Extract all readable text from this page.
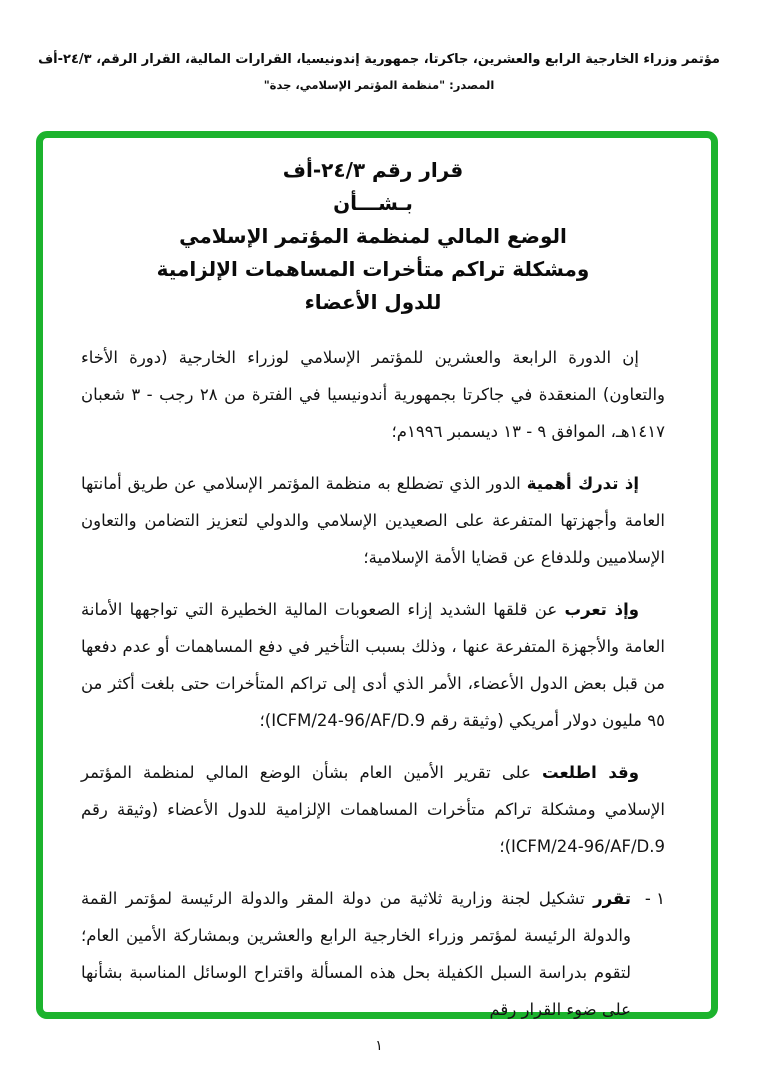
مؤتمر وزراء الخارجية الرابع والعشرين، جاكرتا، جمهورية إندونيسيا، القرارات المالية، القرار الرقم، ٢٤/٣-أف
المصدر: "منظمة المؤتمر الإسلامي، جدة"
قرار رقم ٢٤/٣-أف
بـشـــأن
الوضع المالي لمنظمة المؤتمر الإسلامي
ومشكلة تراكم متأخرات المساهمات الإلزامية
للدول الأعضاء

إن الدورة الرابعة والعشرين للمؤتمر الإسلامي لوزراء الخارجية (دورة الأخاء والتعاون) المنعقدة في جاكرتا بجمهورية أندونيسيا في الفترة من ٢٨ رجب - ٣ شعبان ١٤١٧هـ، الموافق ٩ - ١٣ ديسمبر ١٩٩٦م؛

إذ تدرك أهمية الدور الذي تضطلع به منظمة المؤتمر الإسلامي عن طريق أمانتها العامة وأجهزتها المتفرعة على الصعيدين الإسلامي والدولي لتعزيز التضامن والتعاون الإسلاميين وللدفاع عن قضايا الأمة الإسلامية؛

وإذ تعرب عن قلقها الشديد إزاء الصعوبات المالية الخطيرة التي تواجهها الأمانة العامة والأجهزة المتفرعة عنها ، وذلك بسبب التأخير في دفع المساهمات أو عدم دفعها من قبل بعض الدول الأعضاء، الأمر الذي أدى إلى تراكم المتأخرات حتى بلغت أكثر من ٩٥ مليون دولار أمريكي (وثيقة رقم ICFM/24-96/AF/D.9)؛

وقد اطلعت على تقرير الأمين العام بشأن الوضع المالي لمنظمة المؤتمر الإسلامي ومشكلة تراكم متأخرات المساهمات الإلزامية للدول الأعضاء (وثيقة رقم ICFM/24-96/AF/D.9)؛

١ -تقرر تشكيل لجنة وزارية ثلاثية من دولة المقر والدولة الرئيسة لمؤتمر القمة والدولة الرئيسة لمؤتمر وزراء الخارجية الرابع والعشرين وبمشاركة الأمين العام؛ لتقوم بدراسة السبل الكفيلة بحل هذه المسألة واقتراح الوسائل المناسبة بشأنها على ضوء القرار رقم
١
